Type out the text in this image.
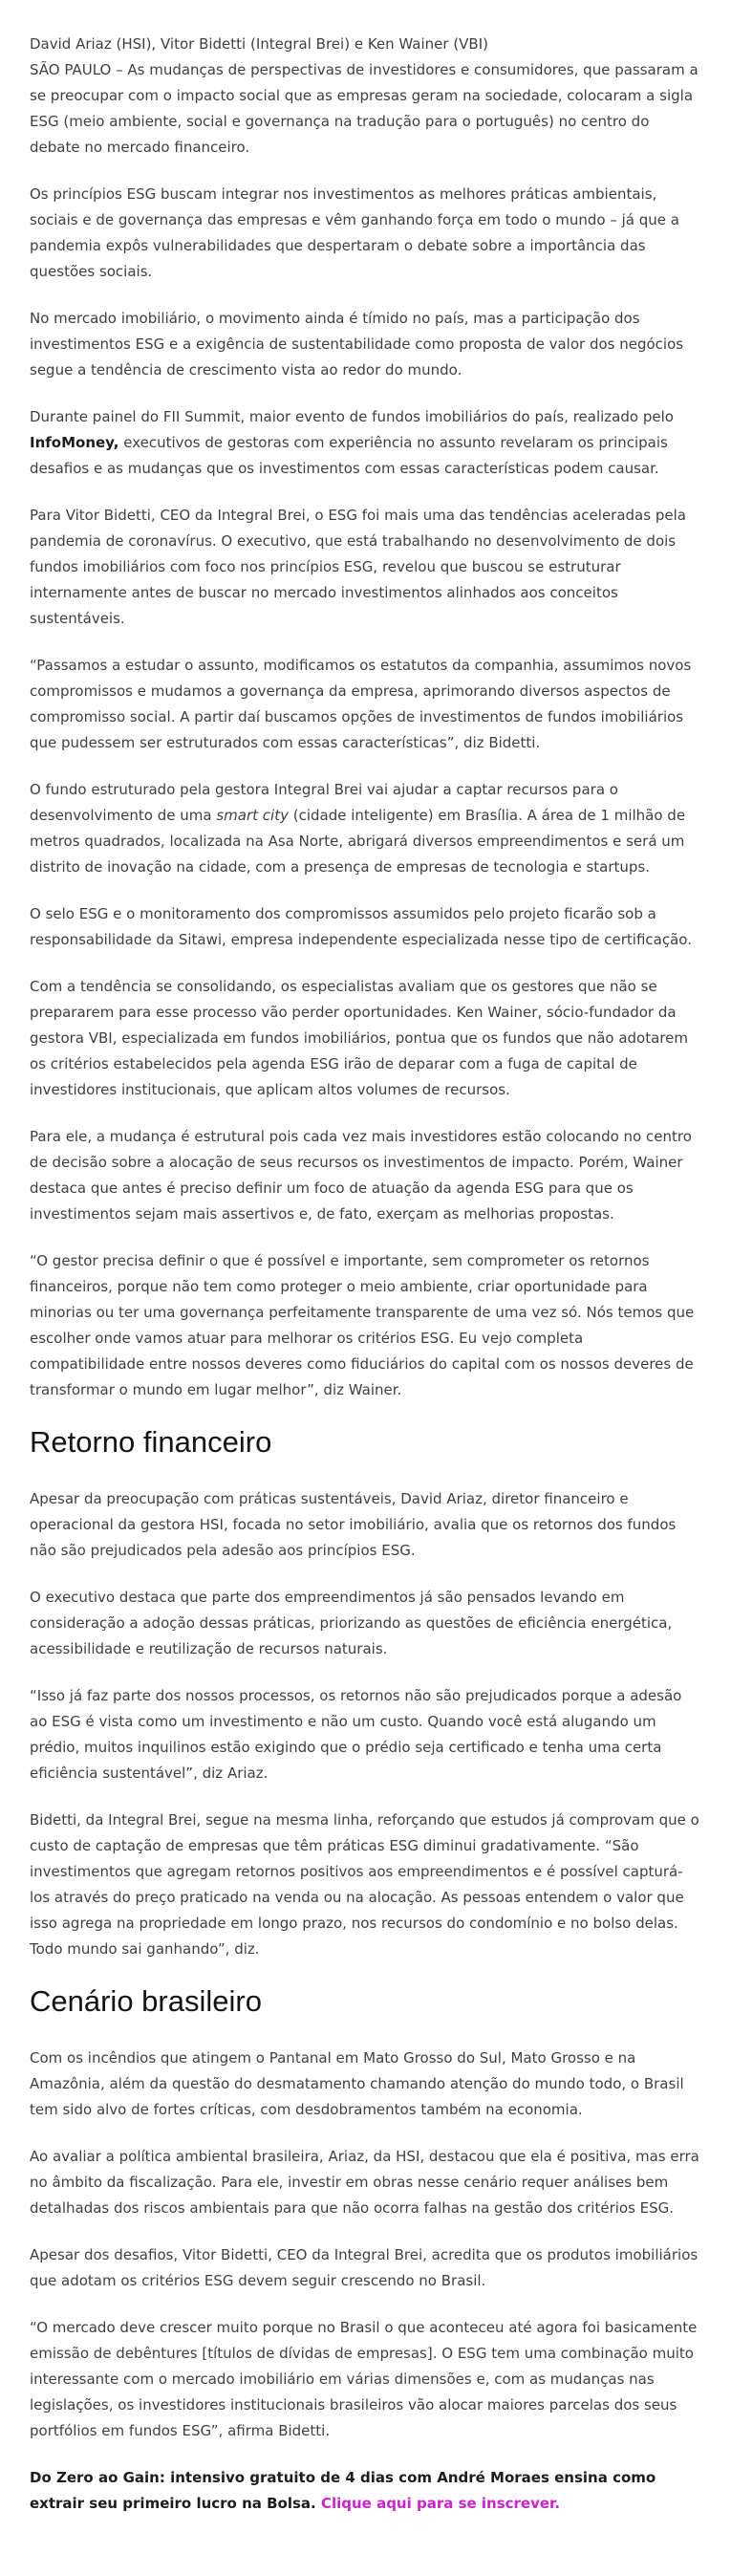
David Ariaz (HSI), Vitor Bidetti (Integral Brei) e Ken Wainer (VBI)

SÃO PAULO – As mudanças de perspectivas de investidores e consumidores, que passaram a se preocupar com o impacto social que as empresas geram na sociedade, colocaram a sigla ESG (meio ambiente, social e governança na tradução para o português) no centro do debate no mercado financeiro.

Os princípios ESG buscam integrar nos investimentos as melhores práticas ambientais, sociais e de governança das empresas e vêm ganhando força em todo o mundo – já que a pandemia expôs vulnerabilidades que despertaram o debate sobre a importância das questões sociais.

No mercado imobiliário, o movimento ainda é tímido no país, mas a participação dos investimentos ESG e a exigência de sustentabilidade como proposta de valor dos negócios segue a tendência de crescimento vista ao redor do mundo.

Durante painel do FII Summit, maior evento de fundos imobiliários do país, realizado pelo InfoMoney, executivos de gestoras com experiência no assunto revelaram os principais desafios e as mudanças que os investimentos com essas características podem causar.

Para Vitor Bidetti, CEO da Integral Brei, o ESG foi mais uma das tendências aceleradas pela pandemia de coronavírus. O executivo, que está trabalhando no desenvolvimento de dois fundos imobiliários com foco nos princípios ESG, revelou que buscou se estruturar internamente antes de buscar no mercado investimentos alinhados aos conceitos sustentáveis.

“Passamos a estudar o assunto, modificamos os estatutos da companhia, assumimos novos compromissos e mudamos a governança da empresa, aprimorando diversos aspectos de compromisso social. A partir daí buscamos opções de investimentos de fundos imobiliários que pudessem ser estruturados com essas características”, diz Bidetti.

O fundo estruturado pela gestora Integral Brei vai ajudar a captar recursos para o desenvolvimento de uma smart city (cidade inteligente) em Brasília. A área de 1 milhão de metros quadrados, localizada na Asa Norte, abrigará diversos empreendimentos e será um distrito de inovação na cidade, com a presença de empresas de tecnologia e startups.

O selo ESG e o monitoramento dos compromissos assumidos pelo projeto ficarão sob a responsabilidade da Sitawi, empresa independente especializada nesse tipo de certificação.

Com a tendência se consolidando, os especialistas avaliam que os gestores que não se prepararem para esse processo vão perder oportunidades. Ken Wainer, sócio-fundador da gestora VBI, especializada em fundos imobiliários, pontua que os fundos que não adotarem os critérios estabelecidos pela agenda ESG irão de deparar com a fuga de capital de investidores institucionais, que aplicam altos volumes de recursos.

Para ele, a mudança é estrutural pois cada vez mais investidores estão colocando no centro de decisão sobre a alocação de seus recursos os investimentos de impacto. Porém, Wainer destaca que antes é preciso definir um foco de atuação da agenda ESG para que os investimentos sejam mais assertivos e, de fato, exerçam as melhorias propostas.

“O gestor precisa definir o que é possível e importante, sem comprometer os retornos financeiros, porque não tem como proteger o meio ambiente, criar oportunidade para minorias ou ter uma governança perfeitamente transparente de uma vez só. Nós temos que escolher onde vamos atuar para melhorar os critérios ESG. Eu vejo completa compatibilidade entre nossos deveres como fiduciários do capital com os nossos deveres de transformar o mundo em lugar melhor”, diz Wainer.

Retorno financeiro

Apesar da preocupação com práticas sustentáveis, David Ariaz, diretor financeiro e operacional da gestora HSI, focada no setor imobiliário, avalia que os retornos dos fundos não são prejudicados pela adesão aos princípios ESG.

O executivo destaca que parte dos empreendimentos já são pensados levando em consideração a adoção dessas práticas, priorizando as questões de eficiência energética, acessibilidade e reutilização de recursos naturais.

“Isso já faz parte dos nossos processos, os retornos não são prejudicados porque a adesão ao ESG é vista como um investimento e não um custo. Quando você está alugando um prédio, muitos inquilinos estão exigindo que o prédio seja certificado e tenha uma certa eficiência sustentável”, diz Ariaz.

Bidetti, da Integral Brei, segue na mesma linha, reforçando que estudos já comprovam que o custo de captação de empresas que têm práticas ESG diminui gradativamente. “São investimentos que agregam retornos positivos aos empreendimentos e é possível capturá-los através do preço praticado na venda ou na alocação. As pessoas entendem o valor que isso agrega na propriedade em longo prazo, nos recursos do condomínio e no bolso delas. Todo mundo sai ganhando”, diz.

Cenário brasileiro

Com os incêndios que atingem o Pantanal em Mato Grosso do Sul, Mato Grosso e na Amazônia, além da questão do desmatamento chamando atenção do mundo todo, o Brasil tem sido alvo de fortes críticas, com desdobramentos também na economia.

Ao avaliar a política ambiental brasileira, Ariaz, da HSI, destacou que ela é positiva, mas erra no âmbito da fiscalização. Para ele, investir em obras nesse cenário requer análises bem detalhadas dos riscos ambientais para que não ocorra falhas na gestão dos critérios ESG.

Apesar dos desafios, Vitor Bidetti, CEO da Integral Brei, acredita que os produtos imobiliários que adotam os critérios ESG devem seguir crescendo no Brasil.

“O mercado deve crescer muito porque no Brasil o que aconteceu até agora foi basicamente emissão de debêntures [títulos de dívidas de empresas]. O ESG tem uma combinação muito interessante com o mercado imobiliário em várias dimensões e, com as mudanças nas legislações, os investidores institucionais brasileiros vão alocar maiores parcelas dos seus portfólios em fundos ESG”, afirma Bidetti.

Do Zero ao Gain: intensivo gratuito de 4 dias com André Moraes ensina como extrair seu primeiro lucro na Bolsa. Clique aqui para se inscrever.
